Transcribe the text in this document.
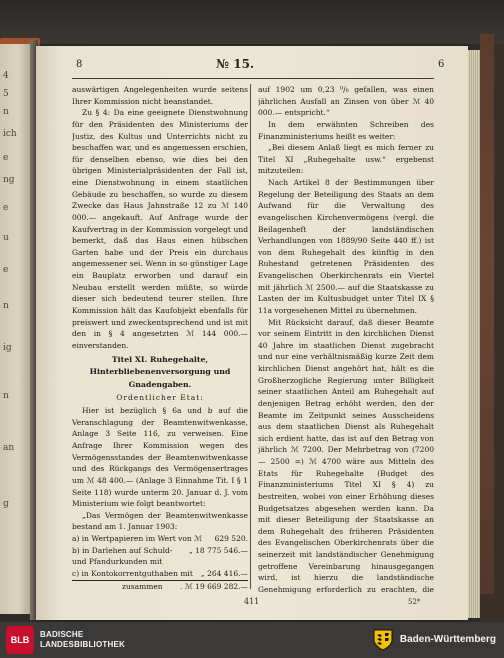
4
5
n
ich
e
ng
e
u
e
n
ig
n
an
g
8	№ 15.	6

auswärtigen Angelegenheiten wurde seitens Ihrer Kommission nicht beanstandet.

Zu § 4: Da eine geeignete Dienstwohnung für den Präsidenten des Ministeriums der Justiz, des Kultus und Unterrichts nicht zu beschaffen war, und es angemessen erschien, für denselben ebenso, wie dies bei den übrigen Ministerialpräsidenten der Fall ist, eine Dienstwohnung in einem staatlichen Gebäude zu beschaffen, so wurde zu diesem Zwecke das Haus Jahnstraße 12 zu ℳ 140 000.— angekauft. Auf Anfrage wurde der Kaufvertrag in der Kommission vorgelegt und bemerkt, daß das Haus einen hübschen Garten habe und der Preis ein durchaus angemessener sei. Wenn in so günstiger Lage ein Bauplatz erworben und darauf ein Neubau erstellt werden müßte, so würde dieser sich bedeutend teurer stellen. Ihre Kommission hält das Kaufobjekt ebenfalls für preiswert und zweckentsprechend und ist mit den in § 4 angesetzten ℳ 144 000.— einverstanden.

Titel XI. Ruhegehalte, Hinterbliebenenversorgung und Gnadengaben.
Ordentlicher Etat:

Hier ist bezüglich § 6a und b auf die Veranschlagung der Beamtenwitwenkasse, Anlage 3 Seite 116, zu verweisen. Eine Anfrage Ihrer Kommission wegen des Vermögensstandes der Beamtenwitwenkasse und des Rückgangs des Vermögensertrages um ℳ 48 400.— (Anlage 3 Einnahme Tit. I § 1 Seite 118) wurde unterm 20. Januar d. J. vom Ministerium wie folgt beantwortet:

„Das Vermögen der Beamtenwitwenkasse bestand am 1. Januar 1903:

a) in Wertpapieren im Wert von ℳ 629 520.
b) in Darlehen auf Schuld- und Pfandurkunden mit
„ 18 775 546.—
c) in Kontokorrentguthaben mit „ 264 416.—
zusammen . ℳ 19 669 282.—

auf 1902 um 0,23 ⁰/₀ gefallen, was einen jährlichen Ausfall an Zinsen von über ℳ 40 000.— entspricht.“

In dem erwähnten Schreiben des Finanzministeriums heißt es weiter:

„Bei diesem Anlaß liegt es mich ferner zu Titel XI „Ruhegehalte usw.“ ergebenst mitzuteilen:

Nach Artikel 8 der Bestimmungen über Regelung der Beteiligung des Staats an dem Aufwand für die Verwaltung des evangelischen Kirchenvermögens (vergl. die Beilagenheft der landständischen Verhandlungen von 1889/90 Seite 440 ff.) ist von dem Ruhegehalt des künftig in den Ruhestand getretenen Präsidenten des Evangelischen Oberkirchenrats ein Viertel mit jährlich ℳ 2500.— auf die Staatskasse zu Lasten der im Kultusbudget unter Titel IX § 11a vorgesehenen Mittel zu übernehmen.

Mit Rücksicht darauf, daß dieser Beamte vor seinem Eintritt in den kirchlichen Dienst 40 Jahre im staatlichen Dienst zugebracht und nur eine verhältnismäßig kurze Zeit dem kirchlichen Dienst angehört hat, hält es die Großherzogliche Regierung unter Billigkeit seiner staatlichen Anteil am Ruhegehalt auf denjenigen Betrag erhöht werden, den der Beamte im Zeitpunkt seines Ausscheidens aus dem staatlichen Dienst als Ruhegehalt sich erdient hatte, das ist auf den Betrag von jährlich ℳ 7200. Der Mehrbetrag von (7200 — 2500 =) ℳ 4700 wäre aus Mitteln des Etats für Ruhegehalte (Budget des Finanzministeriums Titel XI § 4) zu bestreiten, wobei von einer Erhöhung dieses Budgetsatzes abgesehen werden kann. Da mit dieser Beteiligung der Staatskasse an dem Ruhegehalt des früheren Präsidenten des Evangelischen Oberkirchenrats über die seinerzeit mit landständischer Genehmigung getroffene Vereinbarung hinausgegangen wird, ist hierzu die landständische Genehmigung erforderlich zu erachten, die

411	52*
BLB BADISCHE
LANDESBIBLIOTHEK	Baden-Württemberg
